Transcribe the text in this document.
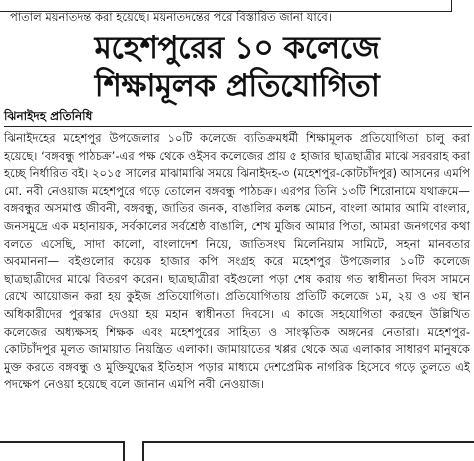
পাতাল ময়নাতদন্ত করা হয়েছে। ময়নাতদন্তের পরে বিস্তারিত জানা যাবে।
মহেশপুরের ১০ কলেজে
শিক্ষামূলক প্রতিযোগিতা
ঝিনাইদহ প্রতিনিধি

ঝিনাইদহের মহেশপুর উপজেলার ১০টি কলেজে ব্যতিক্রমধর্মী শিক্ষামূলক প্রতিযোগিতা চালু করা হয়েছে। ‘বঙ্গবন্ধু পাঠচক্র’-এর পক্ষ থেকে ওইসব কলেজের প্রায় ৫ হাজার ছাত্রছাত্রীর মাঝে সরবরাহ করা হচ্ছে নির্ধারিত বই। ২০১৫ সালের মাঝামাঝি সময়ে ঝিনাইদহ-৩ (মহেশপুর-কোটচাঁদপুর) আসনের এমপি মো. নবী নেওয়াজ মহেশপুরে গড়ে তোলেন বঙ্গবন্ধু পাঠচক্র। এরপর তিনি ১৩টি শিরোনামে যথাক্রমে— বঙ্গবন্ধুর অসমাপ্ত জীবনী, বঙ্গবন্ধু, জাতির জনক, বাঙালির কলঙ্ক মোচন, বাংলা আমার আমি বাংলার, জনসমুদ্রে এক মহানায়ক, সর্বকালের সর্বশ্রেষ্ঠ বাঙালি, শেখ মুজিব আমার পিতা, আমরা জনগণের কথা বলতে এসেছি, সাদা কালো, বাংলাদেশ নিয়ে, জাতিসংঘ মিলেনিয়াম সামিটে, সহনা মানবতার অবমাননা— বইগুলোর কয়েক হাজার কপি সংগ্রহ করে মহেশপুর উপজেলার ১০টি কলেজে ছাত্রছাত্রীদের মাঝে বিতরণ করেন। ছাত্রছাত্রীরা বইগুলো পড়া শেষ করায় গত স্বাধীনতা দিবস সামনে রেখে আয়োজন করা হয় কুইজ প্রতিযোগিতা। প্রতিযোগিতায় প্রতিটি কলেজে ১ম, ২য় ও ৩য় স্থান অধিকারীদের পুরস্কার দেওয়া হয় মহান স্বাধীনতা দিবসে। এ কাজে সহযোগিতা করছেন উল্লিখিত কলেজের অধ্যক্ষসহ শিক্ষক এবং মহেশপুরের সাহিত্য ও সাংস্কৃতিক অঙ্গনের নেতারা। মহেশপুর-কোটচাঁদপুর মূলত জামায়াত নিয়ন্ত্রিত এলাকা। জামায়াতের খপ্পর থেকে অত্র এলাকার সাধারণ মানুষকে মুক্ত করতে বঙ্গবন্ধু ও মুক্তিযুদ্ধের ইতিহাস পড়ার মাধ্যমে দেশপ্রেমিক নাগরিক হিসেবে গড়ে তুলতে এই পদক্ষেপ নেওয়া হয়েছে বলে জানান এমপি নবী নেওয়াজ।
